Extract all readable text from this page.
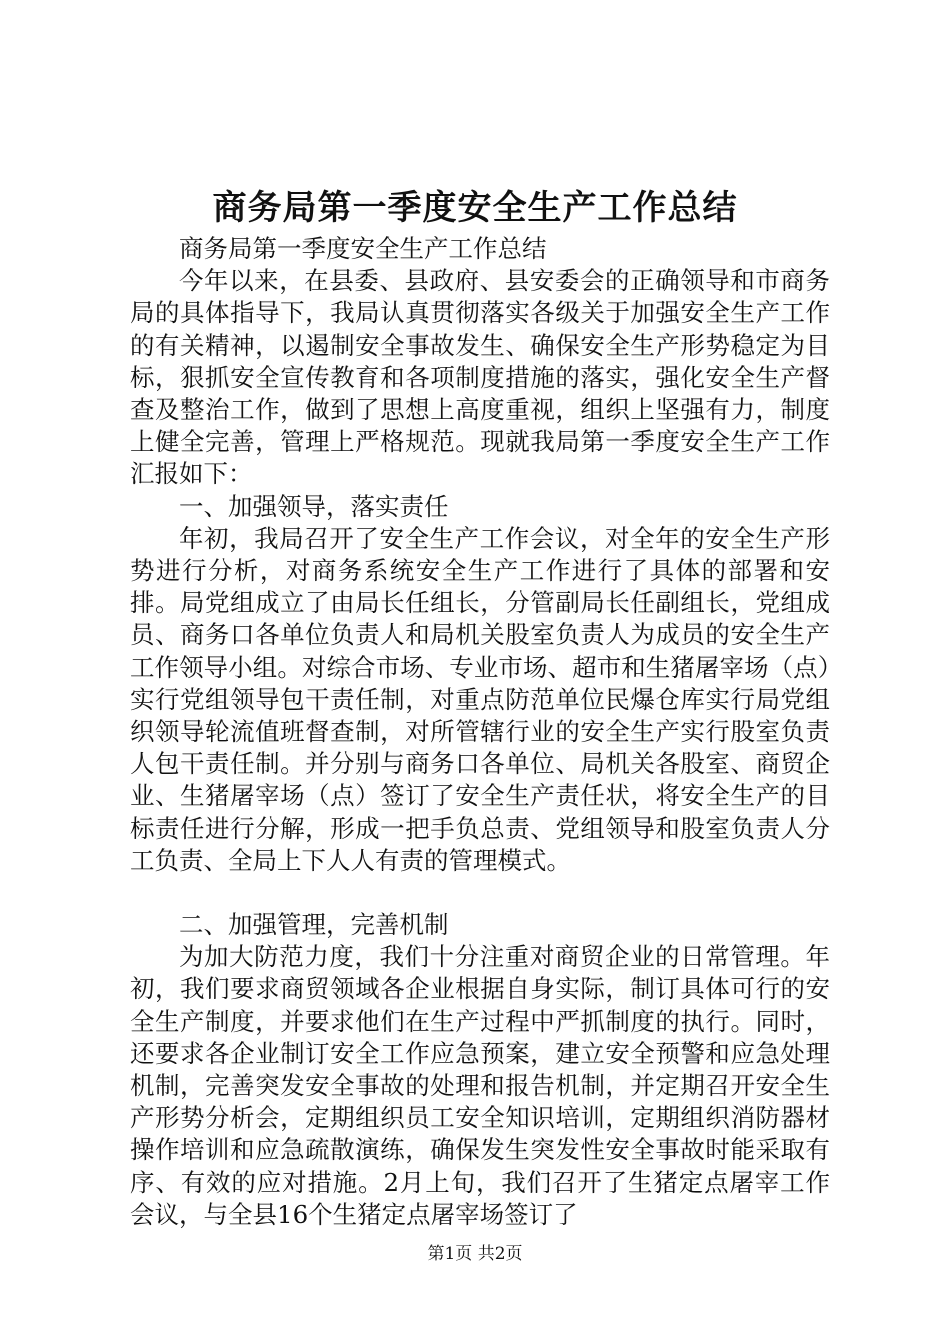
商务局第一季度安全生产工作总结

商务局第一季度安全生产工作总结

今年以来，在县委、县政府、县安委会的正确领导和市商务局的具体指导下，我局认真贯彻落实各级关于加强安全生产工作的有关精神，以遏制安全事故发生、确保安全生产形势稳定为目标，狠抓安全宣传教育和各项制度措施的落实，强化安全生产督查及整治工作，做到了思想上高度重视，组织上坚强有力，制度上健全完善，管理上严格规范。现就我局第一季度安全生产工作汇报如下：

一、加强领导，落实责任

年初，我局召开了安全生产工作会议，对全年的安全生产形势进行分析，对商务系统安全生产工作进行了具体的部署和安排。局党组成立了由局长任组长，分管副局长任副组长，党组成员、商务口各单位负责人和局机关股室负责人为成员的安全生产工作领导小组。对综合市场、专业市场、超市和生猪屠宰场（点）实行党组领导包干责任制，对重点防范单位民爆仓库实行局党组织领导轮流值班督查制，对所管辖行业的安全生产实行股室负责人包干责任制。并分别与商务口各单位、局机关各股室、商贸企业、生猪屠宰场（点）签订了安全生产责任状，将安全生产的目标责任进行分解，形成一把手负总责、党组领导和股室负责人分工负责、全局上下人人有责的管理模式。

二、加强管理，完善机制

为加大防范力度，我们十分注重对商贸企业的日常管理。年初，我们要求商贸领域各企业根据自身实际，制订具体可行的安全生产制度，并要求他们在生产过程中严抓制度的执行。同时，还要求各企业制订安全工作应急预案，建立安全预警和应急处理机制，完善突发安全事故的处理和报告机制，并定期召开安全生产形势分析会，定期组织员工安全知识培训，定期组织消防器材操作培训和应急疏散演练，确保发生突发性安全事故时能采取有序、有效的应对措施。2月上旬，我们召开了生猪定点屠宰工作会议，与全县16个生猪定点屠宰场签订了

第1页 共2页
